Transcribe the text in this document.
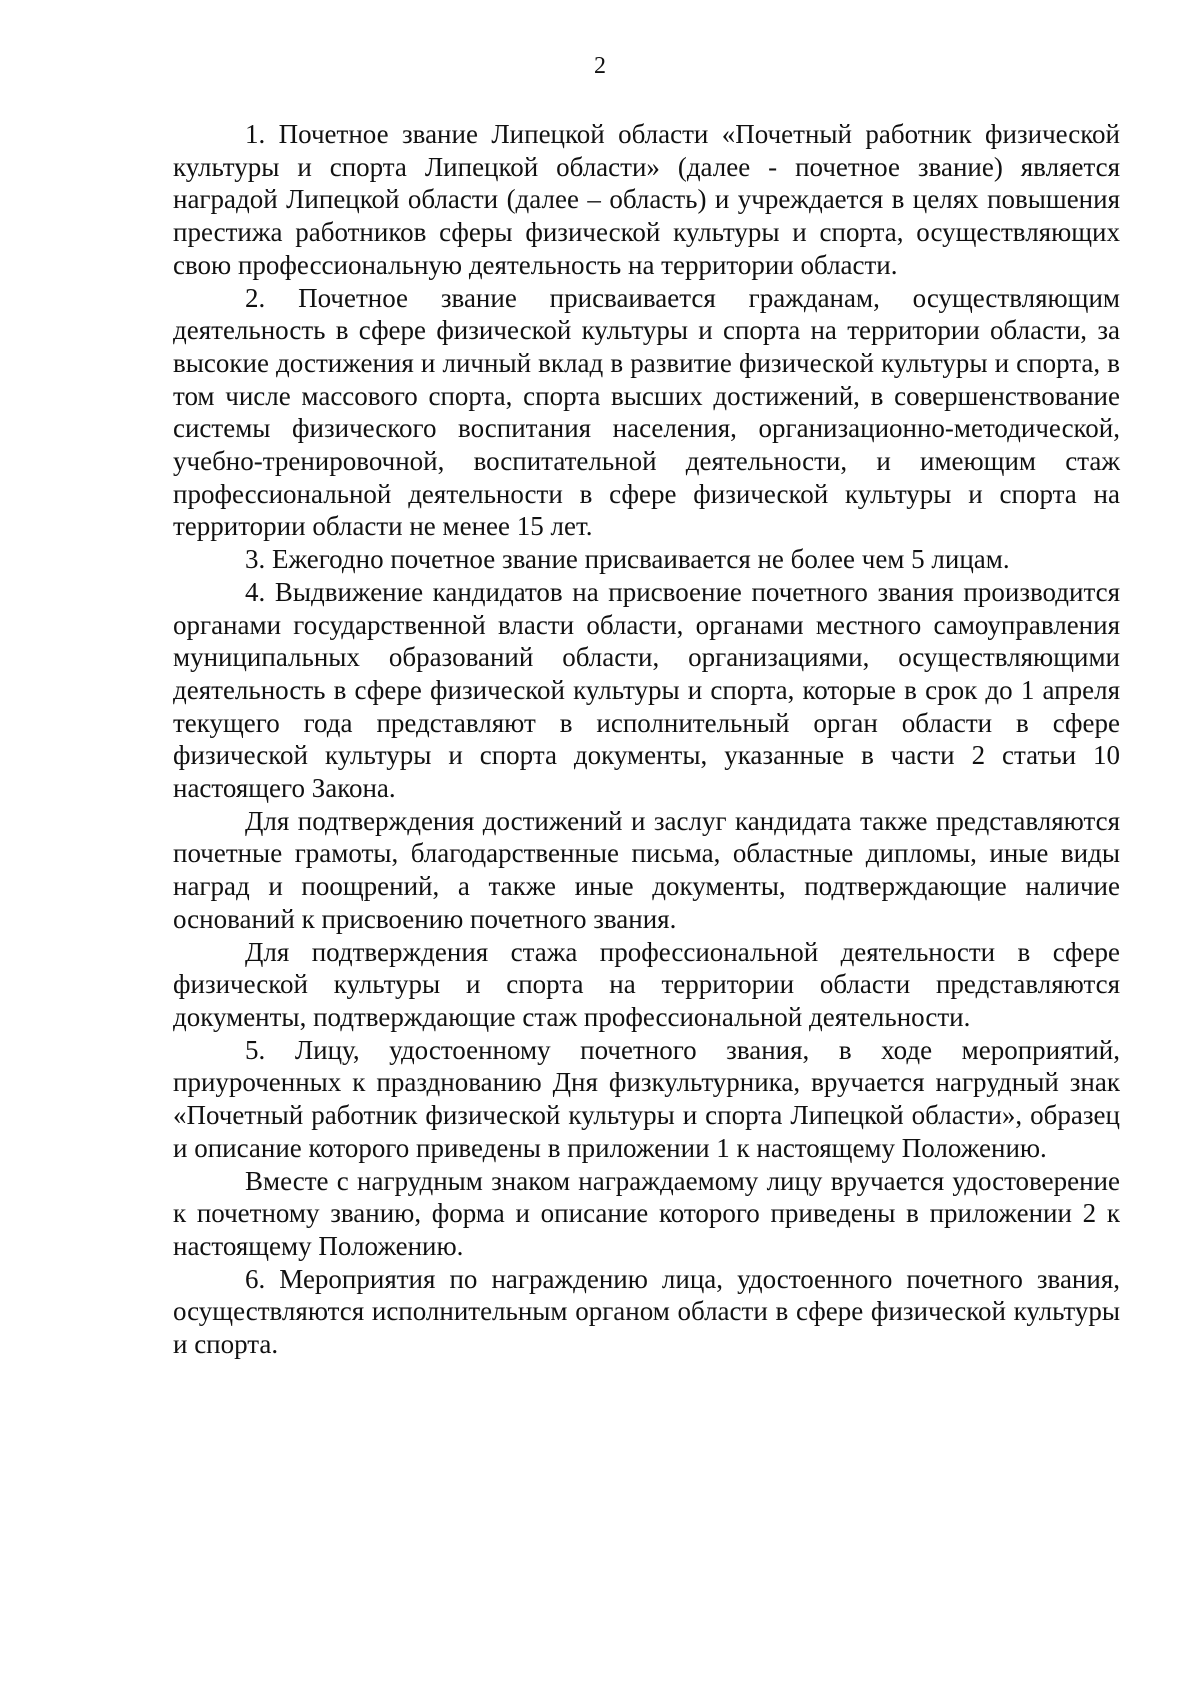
2

1. Почетное звание Липецкой области «Почетный работник физической культуры и спорта Липецкой области» (далее - почетное звание) является наградой Липецкой области (далее – область) и учреждается в целях повышения престижа работников сферы физической культуры и спорта, осуществляющих свою профессиональную деятельность на территории области.

2. Почетное звание присваивается гражданам, осуществляющим деятельность в сфере физической культуры и спорта на территории области, за высокие достижения и личный вклад в развитие физической культуры и спорта, в том числе массового спорта, спорта высших достижений, в совершенствование системы физического воспитания населения, организационно-методической, учебно-тренировочной, воспитательной деятельности, и имеющим стаж профессиональной деятельности в сфере физической культуры и спорта на территории области не менее 15 лет.

3. Ежегодно почетное звание присваивается не более чем 5 лицам.

4. Выдвижение кандидатов на присвоение почетного звания производится органами государственной власти области, органами местного самоуправления муниципальных образований области, организациями, осуществляющими деятельность в сфере физической культуры и спорта, которые в срок до 1 апреля текущего года представляют в исполнительный орган области в сфере физической культуры и спорта документы, указанные в части 2 статьи 10 настоящего Закона.

Для подтверждения достижений и заслуг кандидата также представляются почетные грамоты, благодарственные письма, областные дипломы, иные виды наград и поощрений, а также иные документы, подтверждающие наличие оснований к присвоению почетного звания.

Для подтверждения стажа профессиональной деятельности в сфере физической культуры и спорта на территории области представляются документы, подтверждающие стаж профессиональной деятельности.

5. Лицу, удостоенному почетного звания, в ходе мероприятий, приуроченных к празднованию Дня физкультурника, вручается нагрудный знак «Почетный работник физической культуры и спорта Липецкой области», образец и описание которого приведены в приложении 1 к настоящему Положению.

Вместе с нагрудным знаком награждаемому лицу вручается удостоверение к почетному званию, форма и описание которого приведены в приложении 2 к настоящему Положению.

6. Мероприятия по награждению лица, удостоенного почетного звания, осуществляются исполнительным органом области в сфере физической культуры и спорта.
